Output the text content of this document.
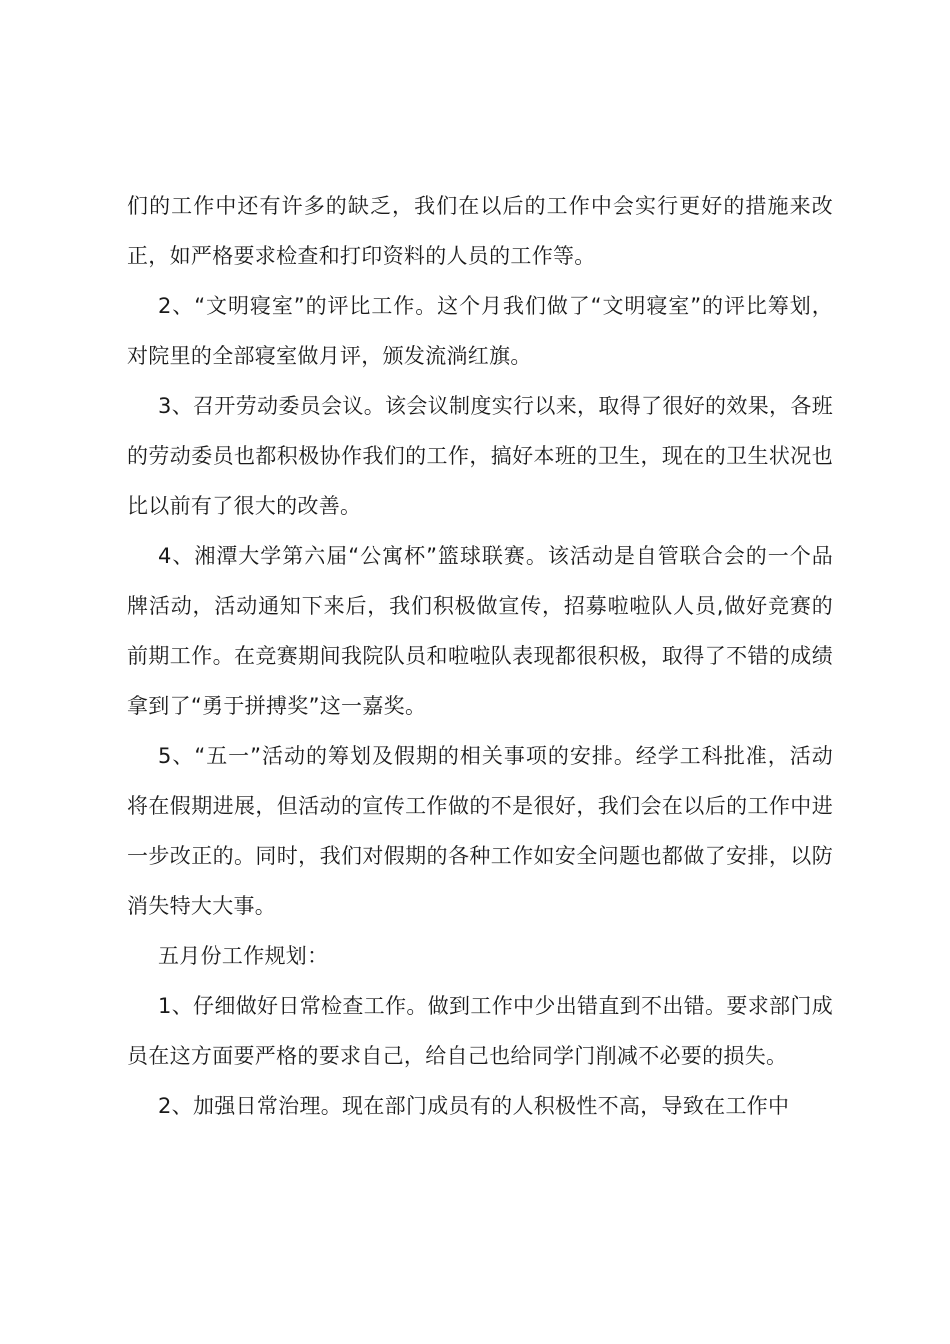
们的工作中还有许多的缺乏，我们在以后的工作中会实行更好的措施来改正，如严格要求检查和打印资料的人员的工作等。

2、“文明寝室”的评比工作。这个月我们做了“文明寝室”的评比筹划，对院里的全部寝室做月评，颁发流淌红旗。

3、召开劳动委员会议。该会议制度实行以来，取得了很好的效果，各班的劳动委员也都积极协作我们的工作，搞好本班的卫生，现在的卫生状况也比以前有了很大的改善。

4、湘潭大学第六届“公寓杯”篮球联赛。该活动是自管联合会的一个品牌活动，活动通知下来后，我们积极做宣传，招募啦啦队人员,做好竞赛的前期工作。在竞赛期间我院队员和啦啦队表现都很积极，取得了不错的成绩拿到了“勇于拼搏奖”这一嘉奖。

5、“五一”活动的筹划及假期的相关事项的安排。经学工科批准，活动将在假期进展，但活动的宣传工作做的不是很好，我们会在以后的工作中进一步改正的。同时，我们对假期的各种工作如安全问题也都做了安排，以防消失特大大事。

五月份工作规划：

1、仔细做好日常检查工作。做到工作中少出错直到不出错。要求部门成员在这方面要严格的要求自己，给自己也给同学门削减不必要的损失。

2、加强日常治理。现在部门成员有的人积极性不高，导致在工作中
